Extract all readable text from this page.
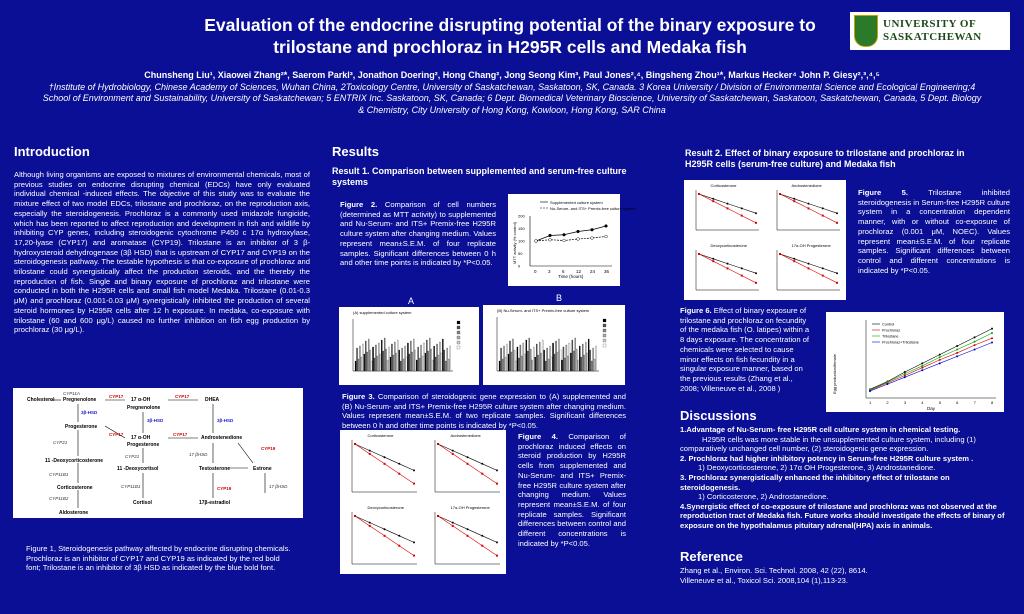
Evaluation of the endocrine disrupting potential of the binary exposure to
trilostane and prochloraz in H295R cells and Medaka fish
UNIVERSITY OF
SASKATCHEWAN
Chunsheng Liu¹, Xiaowei Zhang²*, Saerom Parkl³, Jonathon Doering², Hong Chang², Jong Seong Kim³, Paul Jones²,⁴, Bingsheng Zhou¹*, Markus Hecker⁴ John P. Giesy²,³,⁴,⁵
†Institute of Hydrobiology, Chinese Academy of Sciences, Wuhan China, 2Toxicology Centre, University of Saskatchewan, Saskatoon, SK, Canada. 3 Korea University / Division of Environmental Science and Ecological Engineering;4 School of Environment and Sustainability, University of Saskatchewan; 5 ENTRIX Inc. Saskatoon, SK, Canada; 6 Dept. Biomedical Veterinary Bioscience, University of Saskatchewan, Saskatoon, Saskatchewan, Canada, 5 Dept. Biology & Chemistry, City University of Hong Kong, Kowloon, Hong Kong, SAR China
Introduction
Although living organisms are exposed to mixtures of environmental chemicals, most of previous studies on endocrine disrupting chemical (EDCs) have only evaluated individual chemical -induced effects. The objective of this study was to evaluate the mixture effect of two model EDCs, trilostane and prochloraz, on the reproduction axis, especially the steroidogenesis. Prochloraz is a commonly used imidazole fungicide, which has been reported to affect reproduction and development in fish and wildlife by inhibiting CYP genes, including steroidogenic cytochrome P450 c 17α hydroxylase, 17,20-lyase (CYP17) and aromatase (CYP19). Trilostane is an inhibitor of 3 β-hydroxysteroid dehydrogenase (3β HSD) that is upstream of CYP17 and CYP19 on the steroidogenesis pathway. The testable hypothesis is that co-exposure of prochloraz and trilostane could synergistically affect the production steroids, and the thereby the reproduction of fish. Single and binary exposure of prochloraz and trilostane were conducted in both the H295R cells and small fish model Medaka. Trilostane (0.01-0.3 μM) and prochloraz (0.001-0.03 μM) synergistically inhibited the production of several steroid hormones by H295R cells after 12 h exposure. In medaka, co-exposure with trilostane (60 and 600 μg/L) caused no further inhibition on fish egg production by prochloraz (30 μg/L).
Cholesterol Pregnenolone	17 α-OH
Pregnenolone
DHEA
Progesterone
17 α-OH
Progesterone
Androstenedione
11 -Deoxycorticosterone
11 -Deoxycortisol	Testosterone	Estrone
Corticosterone
Cortisol	17β-estradiol
Aldosterone
CYP11A
CYP17	CYP17
3β-HSD
3β-HSD	3β-HSD
CYP17	CYP17
CYP21
CYP21	17 βHSD
CYP19
CYP11B1
CYP11B1	CYP19	17 βHSD
CYP11B2
Figure 1, Steroidogenesis pathway affected by endocrine disrupting chemicals. Prochloraz is an inhibitor of CYP17 and CYP19 as indicated by the red bold font; Trilostane is an inhibitor of 3β HSD as indicated by the blue bold font.
Results
Result 1. Comparison between supplemented and serum-free culture systems
Figure 2. Comparison of cell numbers (determined as MTT activity) to supplemented and Nu-Serum- and ITS+ Premix-free H295R culture system after changing medium. Values represent mean±S.E.M. of four replicate samples. Significant differences between 0 h and other time points is indicated by *P<0.05.
0	3	6	12 24 36
0
50
100
150
200
Supplemented culture system
Nu-Serum- and ITS+ Premix-free culture system
Time (hours)
MTT activity (% control)
A	B
(A) supplemented culture system	(B) Nu-Serum- and ITS+ Premix-free culture system
Figure 3. Comparison of steroidogenic gene expression to (A) supplemented and (B) Nu-Serum- and ITS+ Premix-free H295R culture system after changing medium. Values represent mean±S.E.M. of two replicate samples. Significant differences between 0 h and other time points is indicated by *P<0.05.
Corticosterone	Androstenedione
Deoxycorticosterone	17α-OH Progesterone
Figure 4. Comparison of prochloraz induced effects on steroid production by H295R cells from supplemented and Nu-Serum- and ITS+ Premix-free H295R culture system after changing medium. Values represent mean±S.E.M. of four replicate samples. Significant differences between control and different concentrations is indicated by *P<0.05.
Result 2. Effect of binary exposure to trilostane and prochloraz in H295R cells (serum-free culture) and Medaka fish
Corticosterone	Androstenedione
Deoxycorticosterone	17α-OH Progesterone
Figure 5.	Trilostane inhibited steroidogenesis in Serum-free H295R culture system in a concentration dependent manner, with or without co-exposure of prochloraz (0.001 μM, NOEC). Values represent mean±S.E.M. of four replicate samples. Significant differences between control and different concentrations is indicated by *P<0.05.
Figure 6. Effect of binary exposure of trilostane and prochloraz on fecundity of the medaka fish (O. latipes) within a 8 days exposure. The concentration of chemicals were selected to cause minor effects on fish fecundity in a singular exposure manner, based on the previous results (Zhang et al., 2008; Villeneuve et al., 2008 )
Control
Prochloraz
Trilostane
Prochloraz+Trilostane
1	2	3	4	5	6	7	8
Day
Egg production/female
Discussions
1.Advantage of Nu-Serum- free H295R cell culture system in chemical testing.
H295R cells was more stable in the unsupplemented culture system, including (1) comparatively unchanged cell number, (2) steroidogenic gene expression.
2. Prochloraz had higher inhibitory potency in Serum-free H295R culture system .
1) Deoxycorticosterone, 2) 17α OH Progesterone, 3) Androstanedione.
3. Prochloraz synergistically enhanced the inhibitory effect of trilostane on steroidogenesis.
1) Corticosterone, 2) Androstanedione.
4.Synergistic effect of co-exposure of trilostane and prochloraz was not observed at the reproduction tract of Medaka fish. Future works should investigate the effects of binary of exposure on the hypothalamus pituitary adrenal(HPA) axis in animals.
Reference
Zhang et al., Environ. Sci. Technol. 2008, 42 (22), 8614.
Villeneuve et al., Toxicol Sci. 2008,104 (1),113-23.
